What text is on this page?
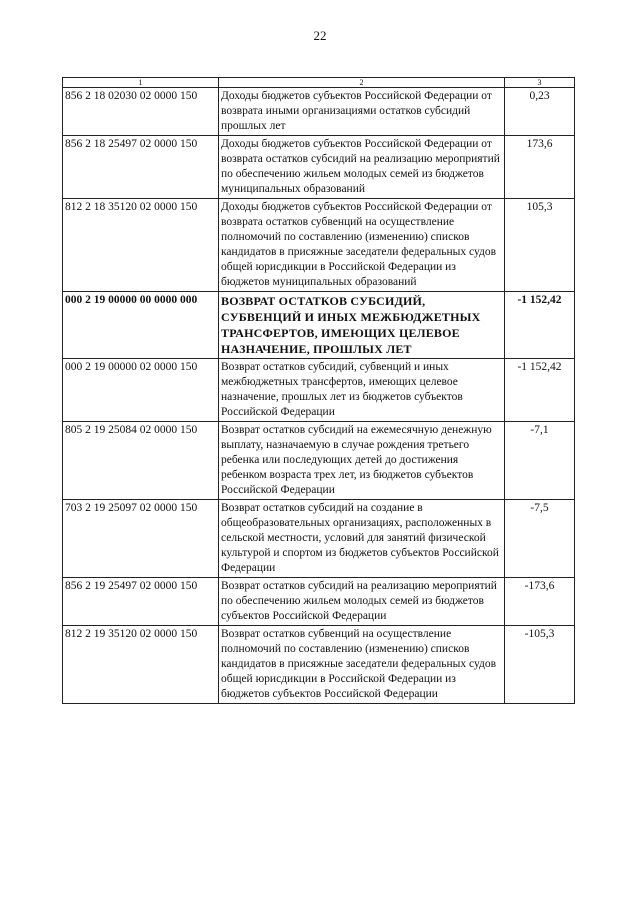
22
1	2	3
856 2 18 02030 02 0000 150	Доходы бюджетов субъектов Российской Федерации от возврата иными организациями остатков субсидий прошлых лет	0,23
856 2 18 25497 02 0000 150	Доходы бюджетов субъектов Российской Федерации от возврата остатков субсидий на реализацию мероприятий по обеспечению жильем молодых семей из бюджетов муниципальных образований	173,6
812 2 18 35120 02 0000 150	Доходы бюджетов субъектов Российской Федерации от возврата остатков субвенций на осуществление полномочий по составлению (изменению) списков кандидатов в присяжные заседатели федеральных судов общей юрисдикции в Российской Федерации из бюджетов муниципальных образований	105,3
000 2 19 00000 00 0000 000	ВОЗВРАТ ОСТАТКОВ СУБСИДИЙ, СУБВЕНЦИЙ И ИНЫХ МЕЖБЮДЖЕТНЫХ ТРАНСФЕРТОВ, ИМЕЮЩИХ ЦЕЛЕВОЕ НАЗНАЧЕНИЕ, ПРОШЛЫХ ЛЕТ	-1 152,42
000 2 19 00000 02 0000 150	Возврат остатков субсидий, субвенций и иных межбюджетных трансфертов, имеющих целевое назначение, прошлых лет из бюджетов субъектов Российской Федерации	-1 152,42
805 2 19 25084 02 0000 150	Возврат остатков субсидий на ежемесячную денежную выплату, назначаемую в случае рождения третьего ребенка или последующих детей до достижения ребенком возраста трех лет, из бюджетов субъектов Российской Федерации	-7,1
703 2 19 25097 02 0000 150	Возврат остатков субсидий на создание в общеобразовательных организациях, расположенных в сельской местности, условий для занятий физической культурой и спортом из бюджетов субъектов Российской Федерации	-7,5
856 2 19 25497 02 0000 150	Возврат остатков субсидий на реализацию мероприятий по обеспечению жильем молодых семей из бюджетов субъектов Российской Федерации	-173,6
812 2 19 35120 02 0000 150	Возврат остатков субвенций на осуществление полномочий по составлению (изменению) списков кандидатов в присяжные заседатели федеральных судов общей юрисдикции в Российской Федерации из бюджетов субъектов Российской Федерации	-105,3
